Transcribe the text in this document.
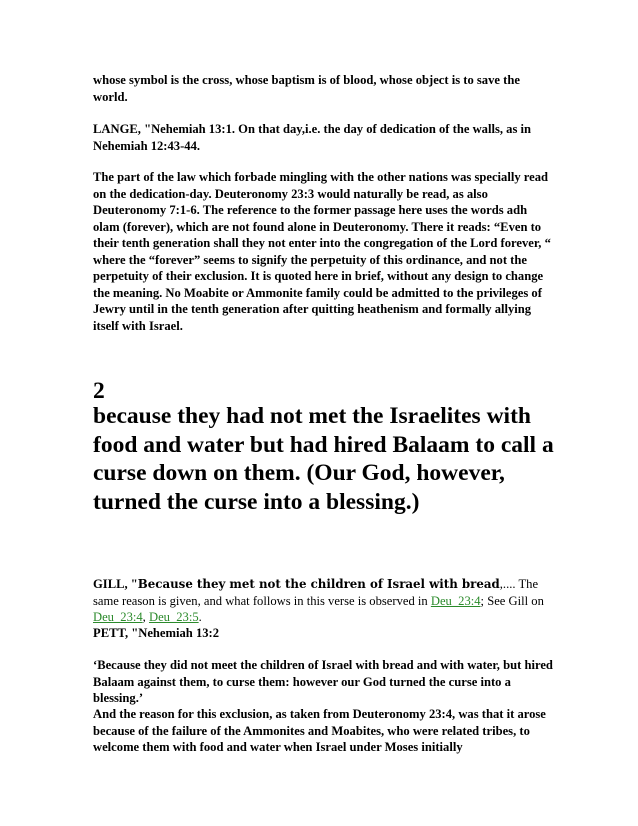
whose symbol is the cross, whose baptism is of blood, whose object is to save the world.

LANGE, "Nehemiah 13:1. On that day,i.e. the day of dedication of the walls, as in Nehemiah 12:43-44.

The part of the law which forbade mingling with the other nations was specially read on the dedication-day. Deuteronomy 23:3 would naturally be read, as also Deuteronomy 7:1-6. The reference to the former passage here uses the words adh olam (forever), which are not found alone in Deuteronomy. There it reads: “Even to their tenth generation shall they not enter into the congregation of the Lord forever, “ where the “forever” seems to signify the perpetuity of this ordinance, and not the perpetuity of their exclusion. It is quoted here in brief, without any design to change the meaning. No Moabite or Ammonite family could be admitted to the privileges of Jewry until in the tenth generation after quitting heathenism and formally allying itself with Israel.

2

because they had not met the Israelites with food and water but had hired Balaam to call a curse down on them. (Our God, however, turned the curse into a blessing.)

GILL, "Because they met not the children of Israel with bread,.... The same reason is given, and what follows in this verse is observed in Deu_23:4; See Gill on Deu_23:4, Deu_23:5.

PETT, "Nehemiah 13:2

‘Because they did not meet the children of Israel with bread and with water, but hired Balaam against them, to curse them: however our God turned the curse into a blessing.’

And the reason for this exclusion, as taken from Deuteronomy 23:4, was that it arose because of the failure of the Ammonites and Moabites, who were related tribes, to welcome them with food and water when Israel under Moses initially
